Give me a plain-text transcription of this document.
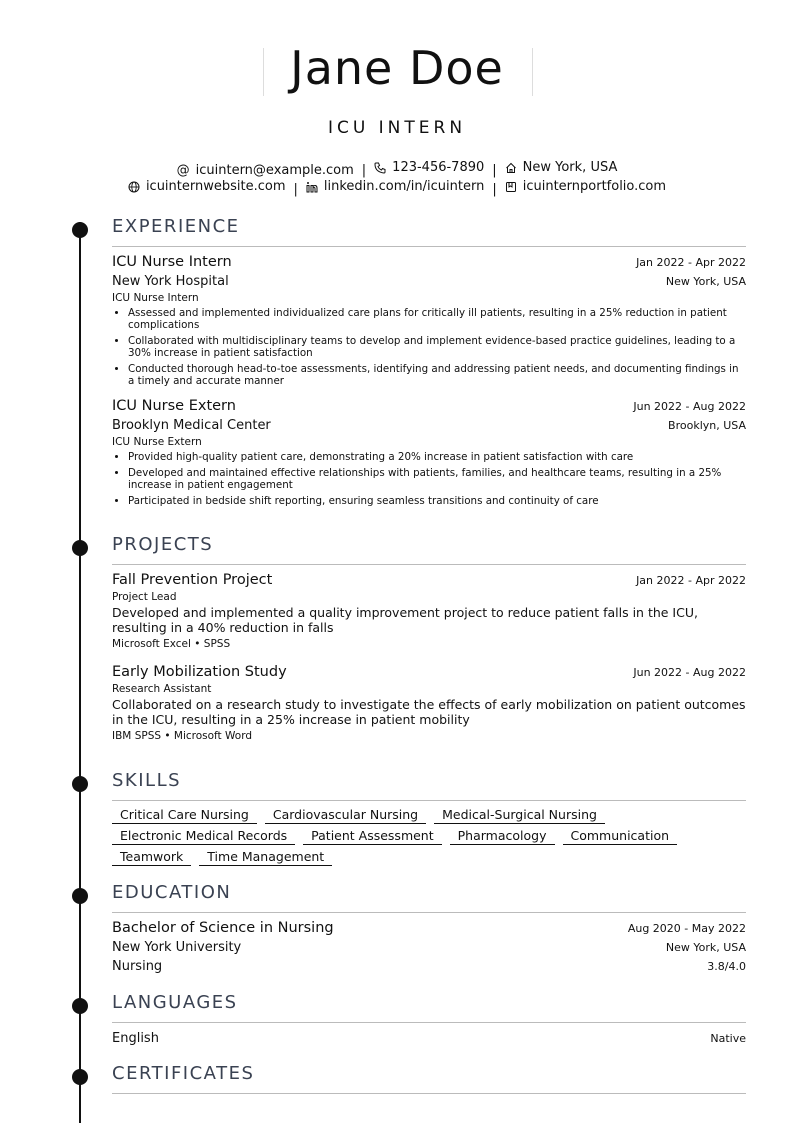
Jane Doe
ICU INTERN
@ icuintern@example.com | 123-456-7890 | New York, USA
icuinternwebsite.com | linkedin.com/in/icuintern | icuinternportfolio.com
EXPERIENCE
ICU Nurse Intern	Jan 2022 - Apr 2022
New York Hospital	New York, USA
ICU Nurse Intern
• Assessed and implemented individualized care plans for critically ill patients, resulting in a 25% reduction in patient complications
• Collaborated with multidisciplinary teams to develop and implement evidence-based practice guidelines, leading to a 30% increase in patient satisfaction
• Conducted thorough head-to-toe assessments, identifying and addressing patient needs, and documenting findings in a timely and accurate manner
ICU Nurse Extern	Jun 2022 - Aug 2022
Brooklyn Medical Center	Brooklyn, USA
ICU Nurse Extern
• Provided high-quality patient care, demonstrating a 20% increase in patient satisfaction with care
• Developed and maintained effective relationships with patients, families, and healthcare teams, resulting in a 25% increase in patient engagement
• Participated in bedside shift reporting, ensuring seamless transitions and continuity of care
PROJECTS
Fall Prevention Project	Jan 2022 - Apr 2022
Project Lead
Developed and implemented a quality improvement project to reduce patient falls in the ICU, resulting in a 40% reduction in falls
Microsoft Excel • SPSS
Early Mobilization Study	Jun 2022 - Aug 2022
Research Assistant
Collaborated on a research study to investigate the effects of early mobilization on patient outcomes in the ICU, resulting in a 25% increase in patient mobility
IBM SPSS • Microsoft Word
SKILLS
Critical Care Nursing	Cardiovascular Nursing	Medical-Surgical Nursing
Electronic Medical Records	Patient Assessment	Pharmacology	Communication
Teamwork	Time Management
EDUCATION
Bachelor of Science in Nursing	Aug 2020 - May 2022
New York University	New York, USA
Nursing	3.8/4.0
LANGUAGES
English	Native
CERTIFICATES
